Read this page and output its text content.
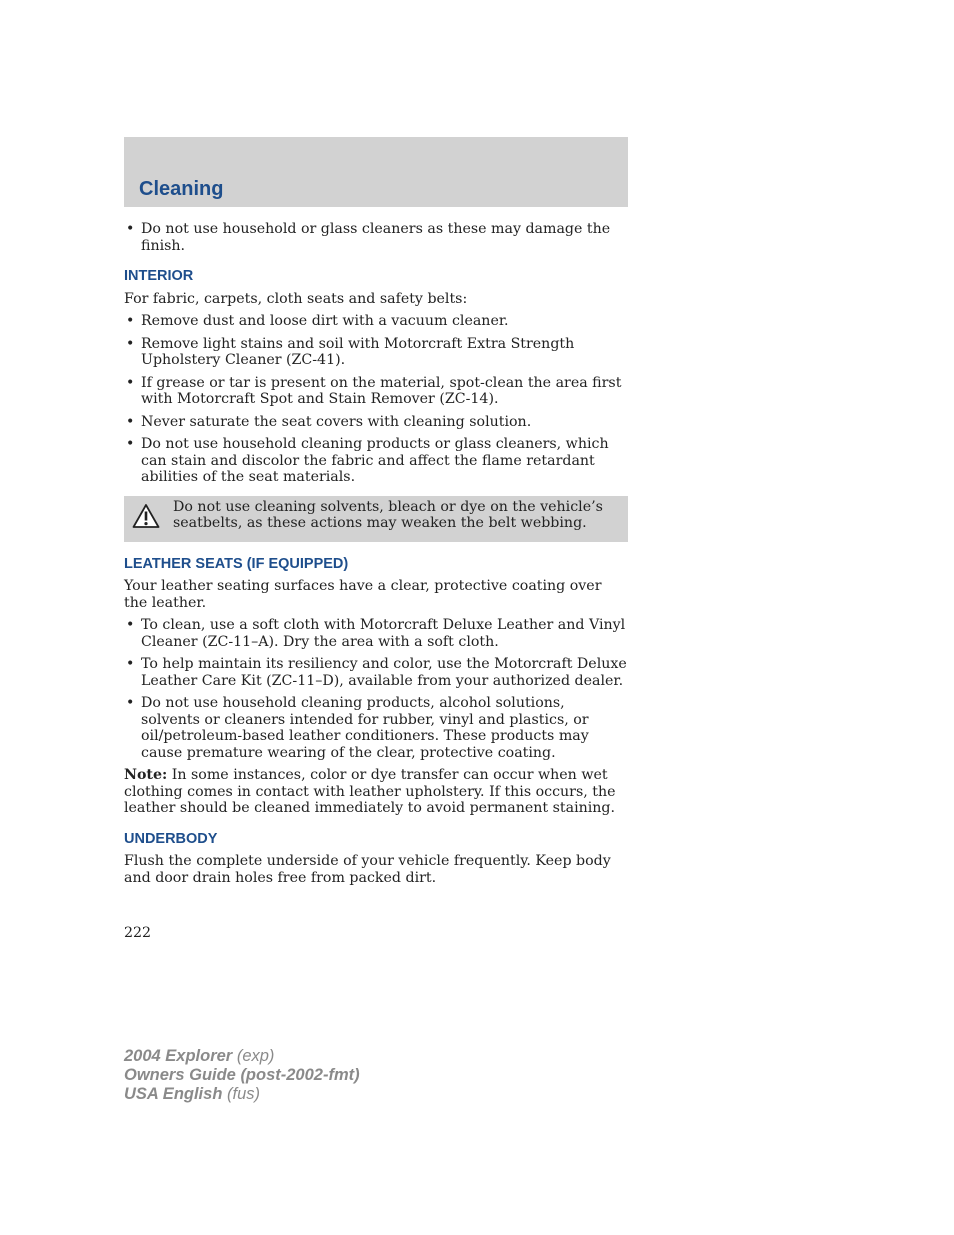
Cleaning
• Do not use household or glass cleaners as these may damage the finish.
INTERIOR
For fabric, carpets, cloth seats and safety belts:
• Remove dust and loose dirt with a vacuum cleaner.
• Remove light stains and soil with Motorcraft Extra Strength Upholstery Cleaner (ZC-41).
• If grease or tar is present on the material, spot-clean the area first with Motorcraft Spot and Stain Remover (ZC-14).
• Never saturate the seat covers with cleaning solution.
• Do not use household cleaning products or glass cleaners, which can stain and discolor the fabric and affect the flame retardant abilities of the seat materials.
Do not use cleaning solvents, bleach or dye on the vehicle’s seatbelts, as these actions may weaken the belt webbing.
LEATHER SEATS (IF EQUIPPED)
Your leather seating surfaces have a clear, protective coating over the leather.
• To clean, use a soft cloth with Motorcraft Deluxe Leather and Vinyl Cleaner (ZC-11–A). Dry the area with a soft cloth.
• To help maintain its resiliency and color, use the Motorcraft Deluxe Leather Care Kit (ZC-11–D), available from your authorized dealer.
• Do not use household cleaning products, alcohol solutions, solvents or cleaners intended for rubber, vinyl and plastics, or oil/petroleum-based leather conditioners. These products may cause premature wearing of the clear, protective coating.
Note: In some instances, color or dye transfer can occur when wet clothing comes in contact with leather upholstery. If this occurs, the leather should be cleaned immediately to avoid permanent staining.
UNDERBODY
Flush the complete underside of your vehicle frequently. Keep body and door drain holes free from packed dirt.
222
2004 Explorer (exp)
Owners Guide (post-2002-fmt)
USA English (fus)
